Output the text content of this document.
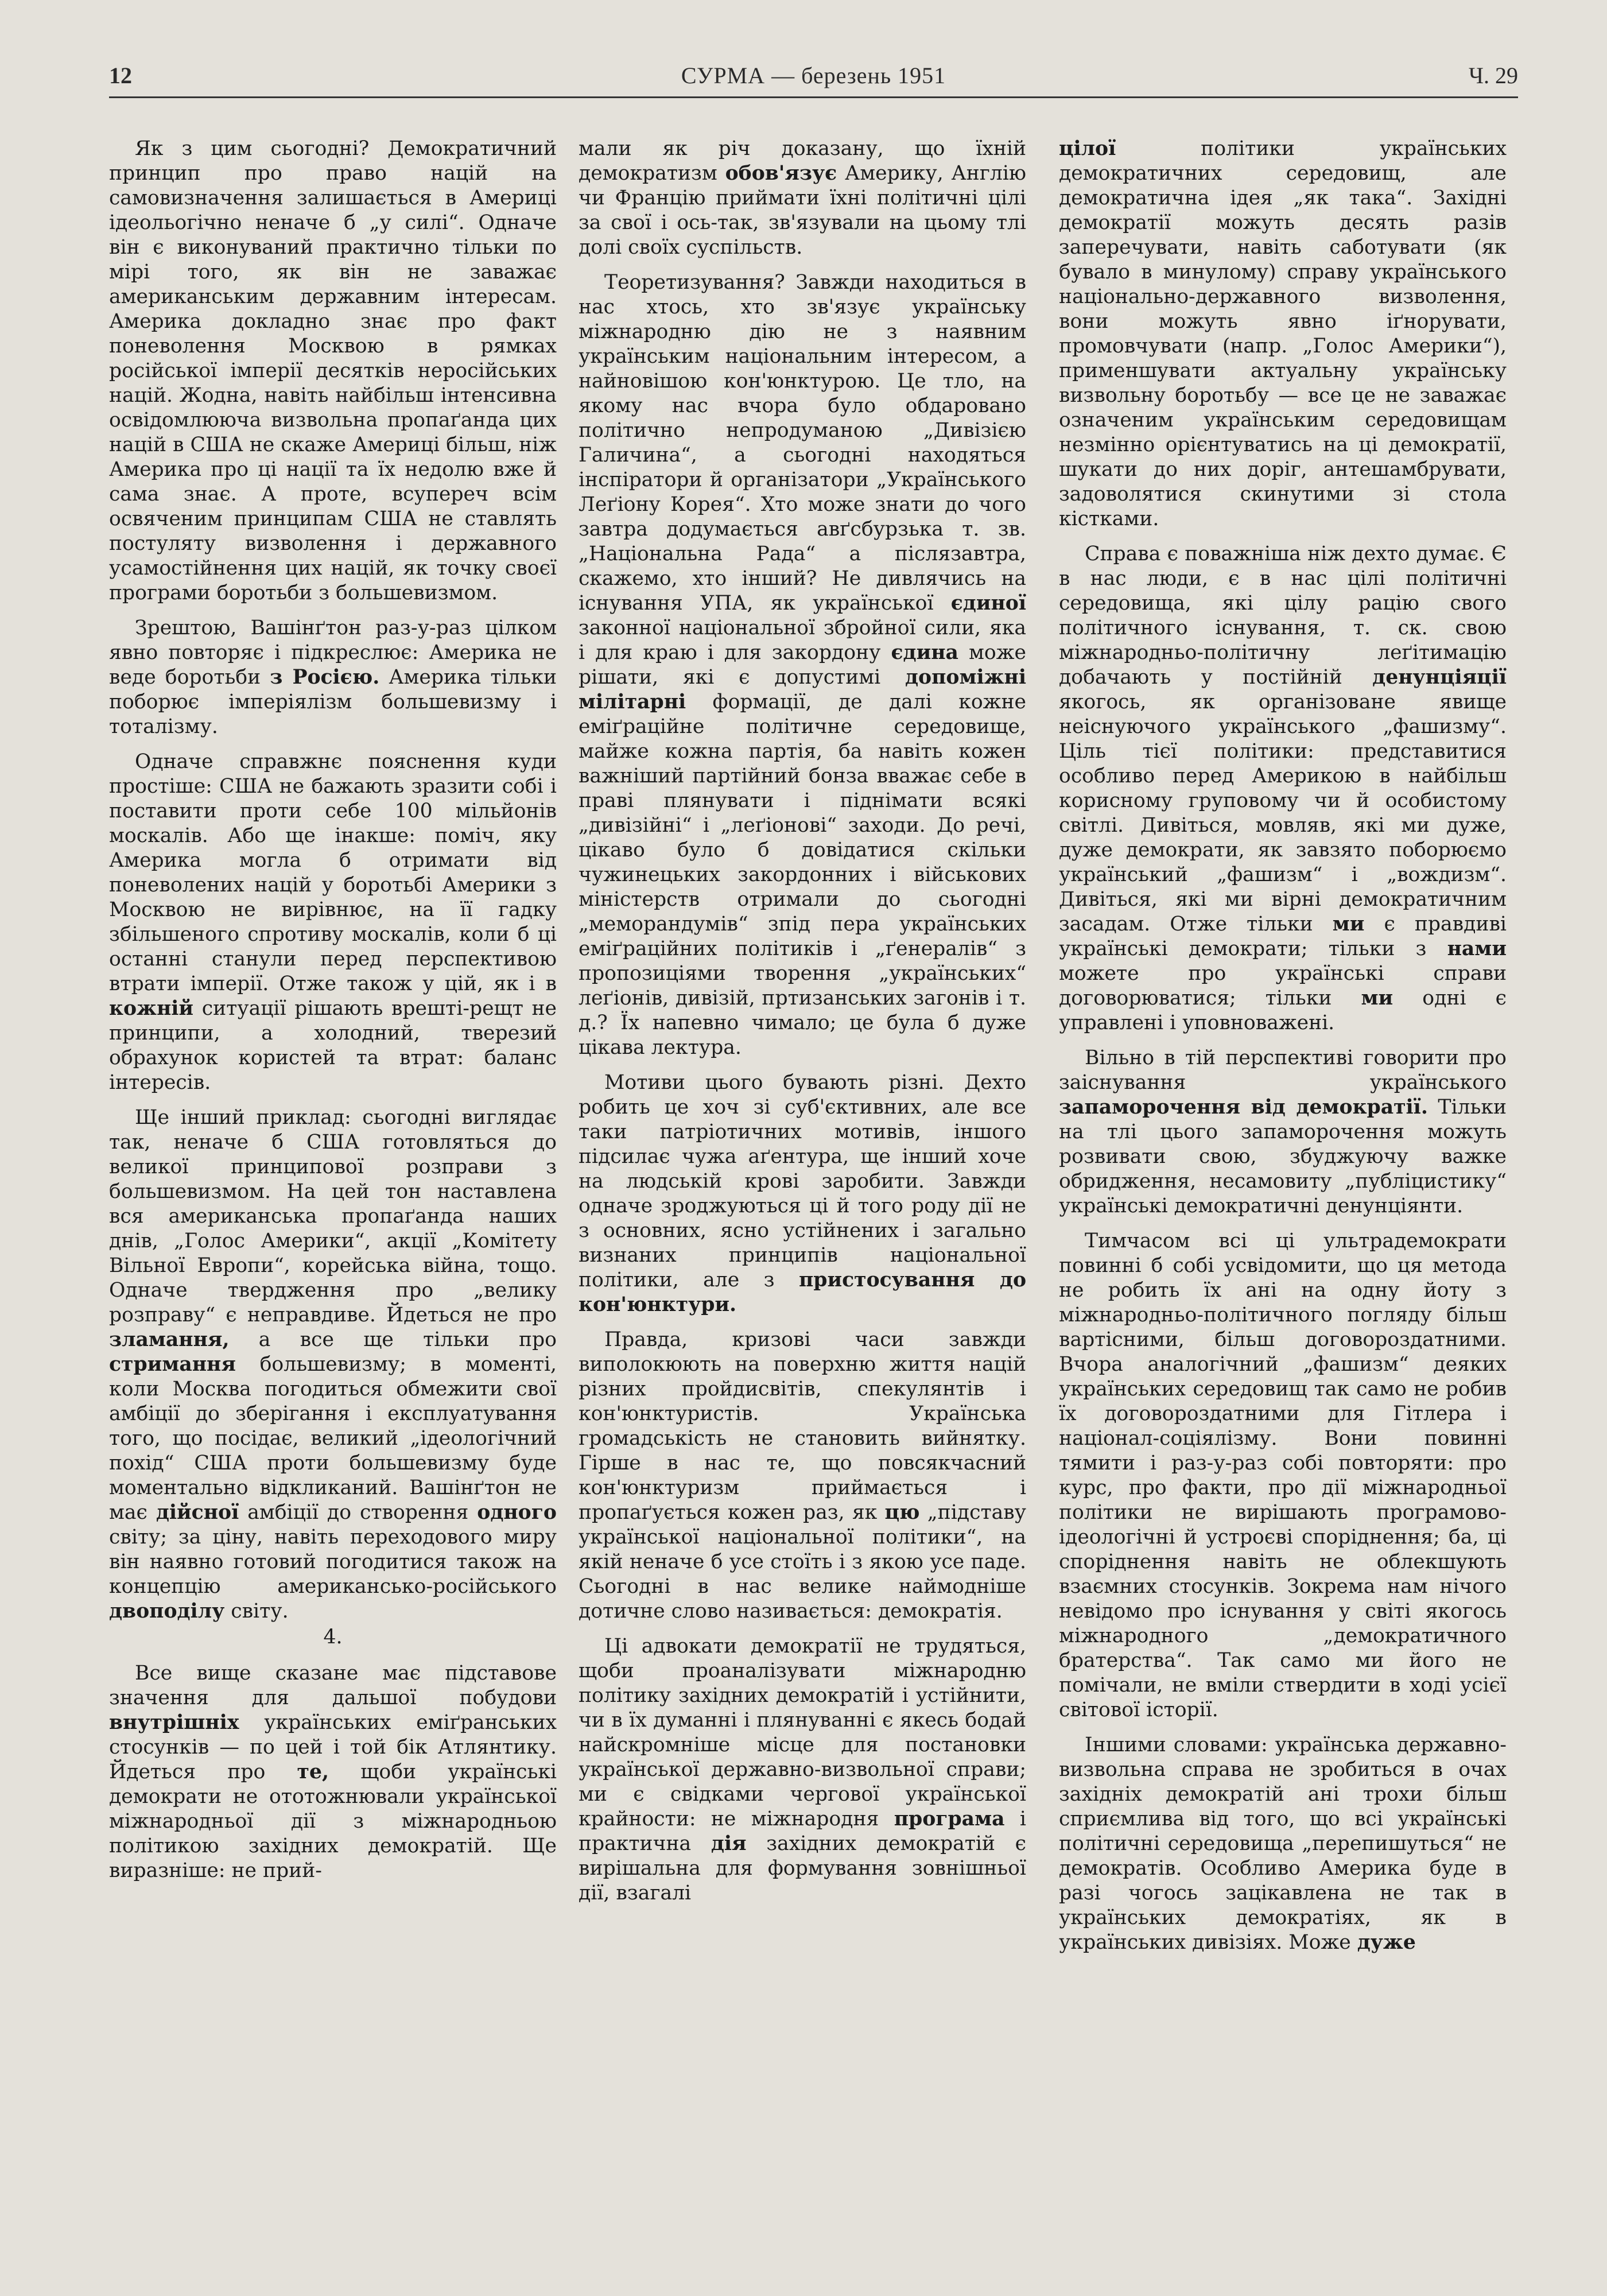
12	СУРМА — березень 1951	Ч. 29

Як з цим сьогодні? Демократичний принцип про право націй на самовизначення залишається в Америці ідеольогічно неначе б „у силі“. Одначе він є виконуваний практично тільки по мірі того, як він не заважає американським державним інтересам. Америка докладно знає про факт поневолення Москвою в рямках російської імперії десятків неросійських націй. Жодна, навіть найбільш інтенсивна освідомлююча визвольна пропаґанда цих націй в США не скаже Америці більш, ніж Америка про ці нації та їх недолю вже й сама знає. А проте, всупереч всім освяченим принципам США не ставлять постуляту визволення і державного усамостійнення цих націй, як точку своєї програми боротьби з большевизмом.

Зрештою, Вашінґтон раз-у-раз цілком явно повторяє і підкреслює: Америка не веде боротьби з Росією. Америка тільки поборює імперіялізм большевизму і тоталізму.

Одначе справжнє пояснення куди простіше: США не бажають зразити собі і поставити проти себе 100 мільйонів москалів. Або ще інакше: поміч, яку Америка могла б отримати від поневолених націй у боротьбі Америки з Москвою не вирівнює, на її гадку збільшеного спротиву москалів, коли б ці останні станули перед перспективою втрати імперії. Отже також у цій, як і в кожній ситуації рішають врешті-рещт не принципи, а холодний, тверезий обрахунок користей та втрат: баланс інтересів.

Ще інший приклад: сьогодні виглядає так, неначе б США готовляться до великої принципової розправи з большевизмом. На цей тон наставлена вся американська пропаґанда наших днів, „Голос Америки“, акції „Комітету Вільної Европи“, корейська війна, тощо. Одначе твердження про „велику розправу“ є неправдиве. Йдеться не про зламання, а все ще тільки про стримання большевизму; в моменті, коли Москва погодиться обмежити свої амбіції до зберігання і експлуатування того, що посідає, великий „ідеологічний похід“ США проти большевизму буде моментально відкликаний. Вашінґтон не має дійсної амбіції до створення одного світу; за ціну, навіть переходового миру він наявно готовий погодитися також на концепцію американсько-російського двоподілу світу.

4.

Все вище сказане має підставове значення для дальшої побудови внутрішніх українських еміґранських стосунків — по цей і той бік Атлянтику. Йдеться про те, щоби українські демократи не ототожнювали української міжнародньої дії з міжнародньою політикою західних демократій. Ще виразніше: не прий-

мали як річ доказану, що їхній демократизм обов'язує Америку, Англію чи Францію приймати їхні політичні цілі за свої і ось-так, зв'язували на цьому тлі долі своїх суспільств.

Теоретизування? Завжди находиться в нас хтось, хто зв'язує українську міжнародню дію не з наявним українським національним інтересом, а найновішою кон'юнктурою. Це тло, на якому нас вчора було обдаровано політично непродуманою „Дивізією Галичина“, а сьогодні находяться інспіратори й організатори „Українського Леґіону Корея“. Хто може знати до чого завтра додумається авґсбурзька т. зв. „Національна Рада“ а післязавтра, скажемо, хто інший? Не дивлячись на існування УПА, як української єдиної законної національної збройної сили, яка і для краю і для закордону єдина може рішати, які є допустимі допоміжні мілітарні формації, де далі кожне еміґраційне політичне середовище, майже кожна партія, ба навіть кожен важніший партійний бонза вважає себе в праві плянувати і піднімати всякі „дивізійні“ і „леґіонові“ заходи. До речі, цікаво було б довідатися скільки чужинецьких закордонних і військових міністерств отримали до сьогодні „меморандумів“ зпід пера українських еміґраційних політиків і „ґенералів“ з пропозиціями творення „українських“ леґіонів, дивізій, пртизанських загонів і т. д.? Їх напевно чимало; це була б дуже цікава лектура.

Мотиви цього бувають різні. Дехто робить це хоч зі суб'єктивних, але все таки патріотичних мотивів, іншого підсилає чужа аґентура, ще інший хоче на людській крові заробити. Завжди одначе зроджуються ці й того роду дії не з основних, ясно устійнених і загально визнаних принципів національної політики, але з пристосування до кон'юнктури.

Правда, кризові часи завжди виполокюють на поверхню життя націй різних пройдисвітів, спекулянтів і кон'юнктуристів. Українська громадськість не становить вийнятку. Гірше в нас те, що повсякчасний кон'юнктуризм приймається і пропаґується кожен раз, як цю „підставу української національної політики“, на якій неначе б усе стоїть і з якою усе паде. Сьогодні в нас велике наймодніше дотичне слово називається: демократія.

Ці адвокати демократії не трудяться, щоби проаналізувати міжнародню політику західних демократій і устійнити, чи в їх думанні і плянуванні є якесь бодай найскромніше місце для постановки української державно-визвольної справи; ми є свідками чергової української крайности: не міжнародня програма і практична дія західних демократій є вирішальна для формування зовнішньої дії, взагалі

цілої політики українських демократичних середовищ, але демократична ідея „як така“. Західні демократії можуть десять разів заперечувати, навіть саботувати (як бувало в минулому) справу українського національно-державного визволення, вони можуть явно іґнорувати, промовчувати (напр. „Голос Америки“), применшувати актуальну українську визвольну боротьбу — все це не заважає означеним українським середовищам незмінно орієнтуватись на ці демократії, шукати до них доріг, антешамбрувати, задоволятися скинутими зі стола кістками.

Справа є поважніша ніж дехто думає. Є в нас люди, є в нас цілі політичні середовища, які цілу рацію свого політичного існування, т. ск. свою міжнародньо-політичну леґітимацію добачають у постійній денунціяції якогось, як організоване явище неіснуючого українського „фашизму“. Ціль тієї політики: представитися особливо перед Америкою в найбільш корисному груповому чи й особистому світлі. Дивіться, мовляв, які ми дуже, дуже демократи, як завзято поборюємо український „фашизм“ і „вождизм“. Дивіться, які ми вірні демократичним засадам. Отже тільки ми є правдиві українські демократи; тільки з нами можете про українські справи договорюватися; тільки ми одні є управлені і уповноважені.

Вільно в тій перспективі говорити про заіснування українського запаморочення від демократії. Тільки на тлі цього запаморочення можуть розвивати свою, збуджуючу важке обридження, несамовиту „публіцистику“ українські демократичні денунціянти.

Тимчасом всі ці ультрадемократи повинні б собі усвідомити, що ця метода не робить їх ані на одну йоту з міжнародньо-політичного погляду більш вартісними, більш договороздатними. Вчора аналогічний „фашизм“ деяких українських середовищ так само не робив їх договороздатними для Гітлера і націонал-соціялізму. Вони повинні тямити і раз-у-раз собі повторяти: про курс, про факти, про дії міжнародньої політики не вирішають програмово-ідеологічні й устроєві споріднення; ба, ці споріднення навіть не облекшують взаємних стосунків. Зокрема нам нічого невідомо про існування у світі якогось міжнародного „демократичного братерства“. Так само ми його не помічали, не вміли ствердити в ході усієї світової історії.

Іншими словами: українська державно-визвольна справа не зробиться в очах західніх демократій ані трохи більш сприємлива від того, що всі українські політичні середовища „перепишуться“ не демократів. Особливо Америка буде в разі чогось зацікавлена не так в українських демократіях, як в українських дивізіях. Може дуже
